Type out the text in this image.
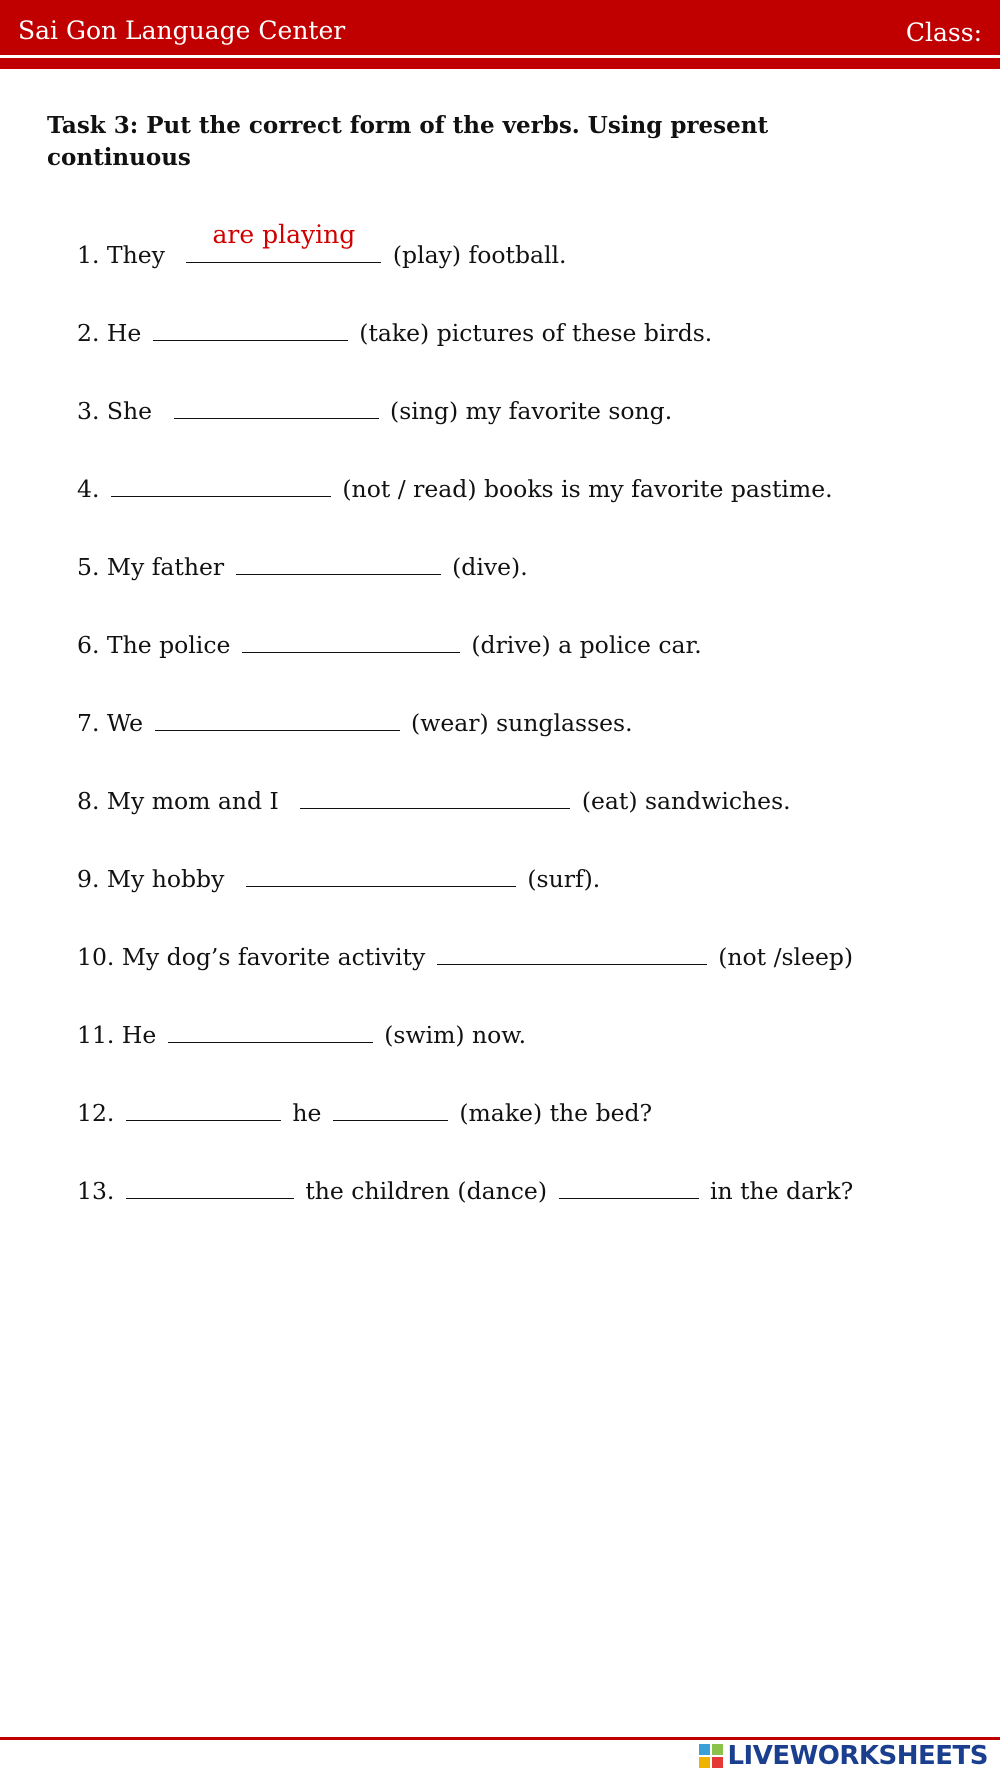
Sai Gon Language Center	Class:
Task 3: Put the correct form of the verbs. Using present continuous
1. They
are playing
(play) football.
2. He	(take) pictures of these birds.
3. She	(sing) my favorite song.
4.	(not / read) books is my favorite pastime.
5. My father	(dive).
6. The police	(drive) a police car.
7. We	(wear) sunglasses.
8. My mom and I	(eat) sandwiches.
9. My hobby	(surf).
10. My dog’s favorite activity	(not /sleep)
11. He	(swim) now.
12.	he	(make) the bed?
13.	the children (dance)	in the dark?
LIVEWORKSHEETS
